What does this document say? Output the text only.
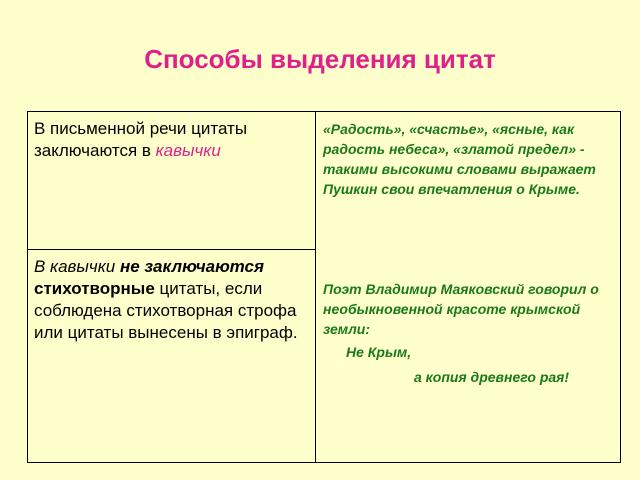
Способы выделения цитат
В письменной речи цитаты заключаются в кавычки
В кавычки не заключаются
стихотворные цитаты, если соблюдена стихотворная строфа или цитаты вынесены в эпиграф.
«Радость», «счастье», «ясные, как радость небеса», «златой предел» - такими высокими словами выражает Пушкин свои впечатления о Крыме.
Поэт Владимир Маяковский говорил о необыкновенной красоте крымской земли:
Не Крым,
а копия древнего рая!
